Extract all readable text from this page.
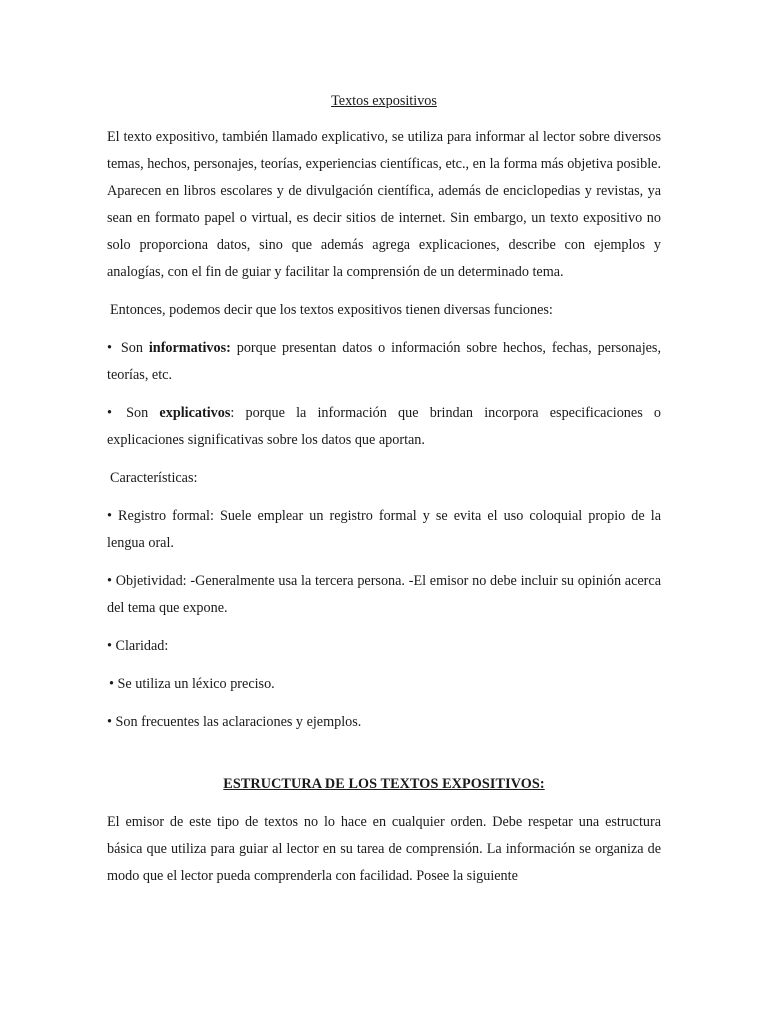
Textos expositivos

El texto expositivo, también llamado explicativo, se utiliza para informar al lector sobre diversos temas, hechos, personajes, teorías, experiencias científicas, etc., en la forma más objetiva posible. Aparecen en libros escolares y de divulgación científica, además de enciclopedias y revistas, ya sean en formato papel o virtual, es decir sitios de internet. Sin embargo, un texto expositivo no solo proporciona datos, sino que además agrega explicaciones, describe con ejemplos y analogías, con el fin de guiar y facilitar la comprensión de un determinado tema.

Entonces, podemos decir que los textos expositivos tienen diversas funciones:

• Son informativos: porque presentan datos o información sobre hechos, fechas, personajes, teorías, etc.

• Son explicativos: porque la información que brindan incorpora especificaciones o explicaciones significativas sobre los datos que aportan.

Características:

• Registro formal: Suele emplear un registro formal y se evita el uso coloquial propio de la lengua oral.

• Objetividad: -Generalmente usa la tercera persona. -El emisor no debe incluir su opinión acerca del tema que expone.

• Claridad:

• Se utiliza un léxico preciso.

• Son frecuentes las aclaraciones y ejemplos.

ESTRUCTURA DE LOS TEXTOS EXPOSITIVOS:

El emisor de este tipo de textos no lo hace en cualquier orden. Debe respetar una estructura básica que utiliza para guiar al lector en su tarea de comprensión. La información se organiza de modo que el lector pueda comprenderla con facilidad. Posee la siguiente
